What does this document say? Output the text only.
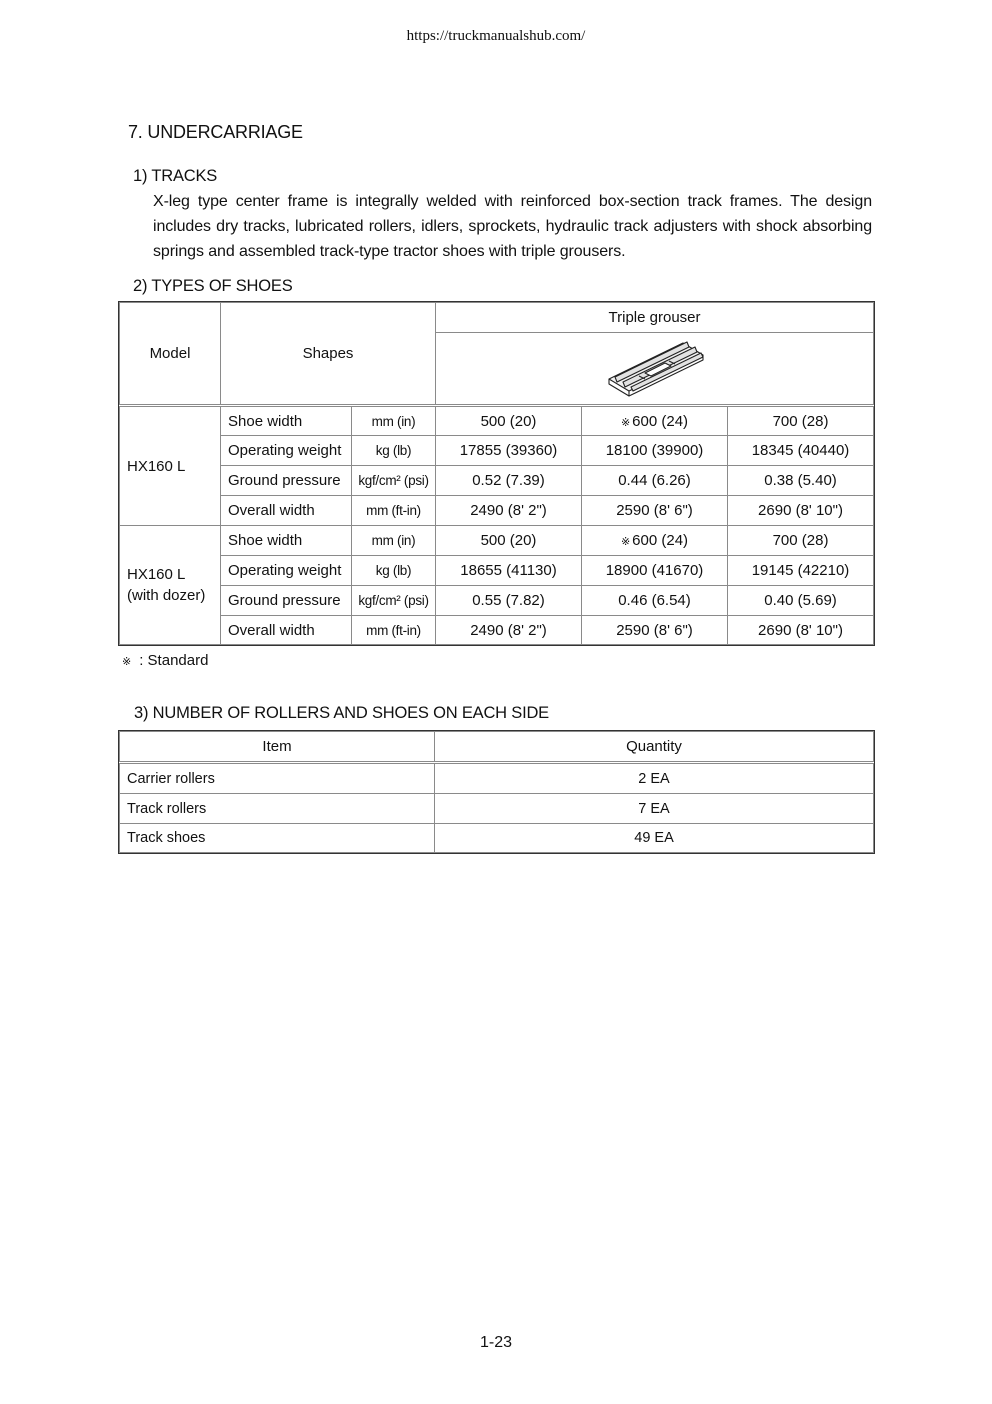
https://truckmanualshub.com/
7. UNDERCARRIAGE
1) TRACKS
X-leg type center frame is integrally welded with reinforced box-section track frames. The design includes dry tracks, lubricated rollers, idlers, sprockets, hydraulic track adjusters with shock absorbing springs and assembled track-type tractor shoes with triple grousers.
2) TYPES OF SHOES
Model	Shapes		Triple grouser		

HX160 L	Shoe width	mm (in)	500 (20)	※ 600 (24)	700 (28)
	Operating weight	kg (lb)	17855 (39360)	18100 (39900)	18345 (40440)
	Ground pressure	kgf/cm² (psi)	0.52 (7.39)	0.44 (6.26)	0.38 (5.40)
	Overall width	mm (ft-in)	2490 (8' 2")	2590 (8' 6")	2690 (8' 10")

HX160 L
(with dozer)	Shoe width	mm (in)	500 (20)	※ 600 (24)	700 (28)
	Operating weight	kg (lb)	18655 (41130)	18900 (41670)	19145 (42210)
	Ground pressure	kgf/cm² (psi)	0.55 (7.82)	0.46 (6.54)	0.40 (5.69)
	Overall width	mm (ft-in)	2490 (8' 2")	2590 (8' 6")	2690 (8' 10")
※ : Standard
3) NUMBER OF ROLLERS AND SHOES ON EACH SIDE
Item	Quantity
Carrier rollers	2 EA
Track rollers	7 EA
Track shoes	49 EA
1-23
